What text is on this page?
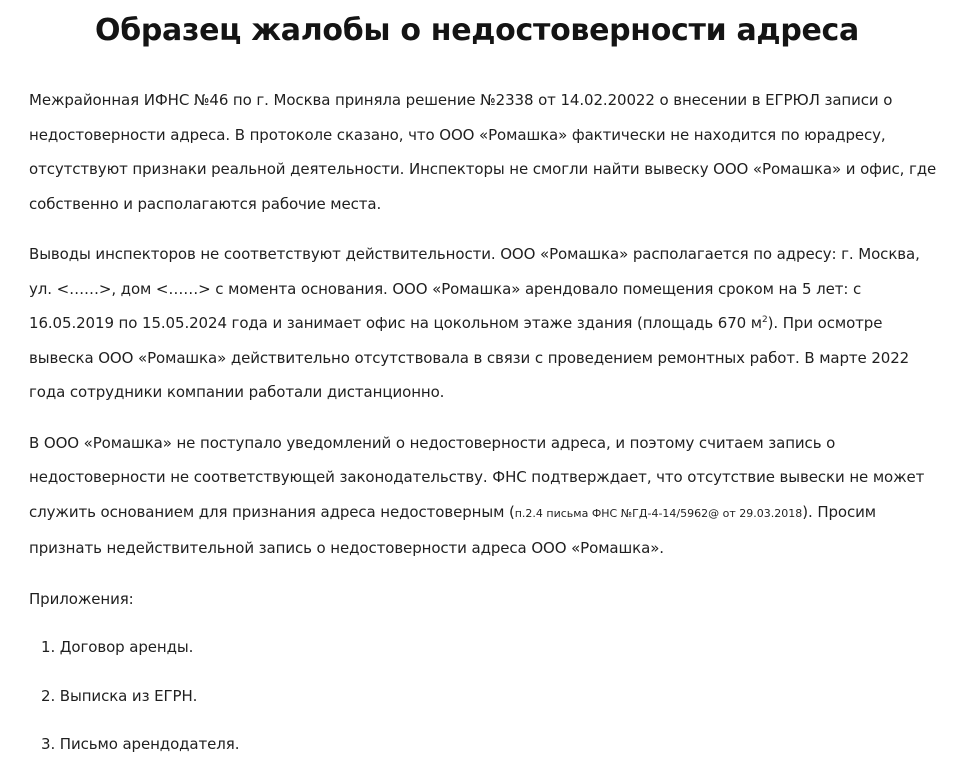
Образец жалобы о недостоверности адреса

Межрайонная ИФНС №46 по г. Москва приняла решение №2338 от 14.02.20022 о внесении в ЕГРЮЛ записи о
недостоверности адреса. В протоколе сказано, что ООО «Ромашка» фактически не находится по юрадресу,
отсутствуют признаки реальной деятельности. Инспекторы не смогли найти вывеску ООО «Ромашка» и офис, где
собственно и располагаются рабочие места.

Выводы инспекторов не соответствуют действительности. ООО «Ромашка» располагается по адресу: г. Москва,
ул. <……>, дом <……> с момента основания. ООО «Ромашка» арендовало помещения сроком на 5 лет: с
16.05.2019 по 15.05.2024 года и занимает офис на цокольном этаже здания (площадь 670 $м^2$). При осмотре
вывеска ООО «Ромашка» действительно отсутствовала в связи с проведением ремонтных работ. В марте 2022
года сотрудники компании работали дистанционно.

В ООО «Ромашка» не поступало уведомлений о недостоверности адреса, и поэтому считаем запись о
недостоверности не соответствующей законодательству. ФНС подтверждает, что отсутствие вывески не может
служить основанием для признания адреса недостоверным (п.2.4 письма ФНС №ГД-4-14/5962@ от 29.03.2018). Просим
признать недействительной запись о недостоверности адреса ООО «Ромашка».

Приложения:
1. Договор аренды.
2. Выписка из ЕГРН.
3. Письмо арендодателя.
